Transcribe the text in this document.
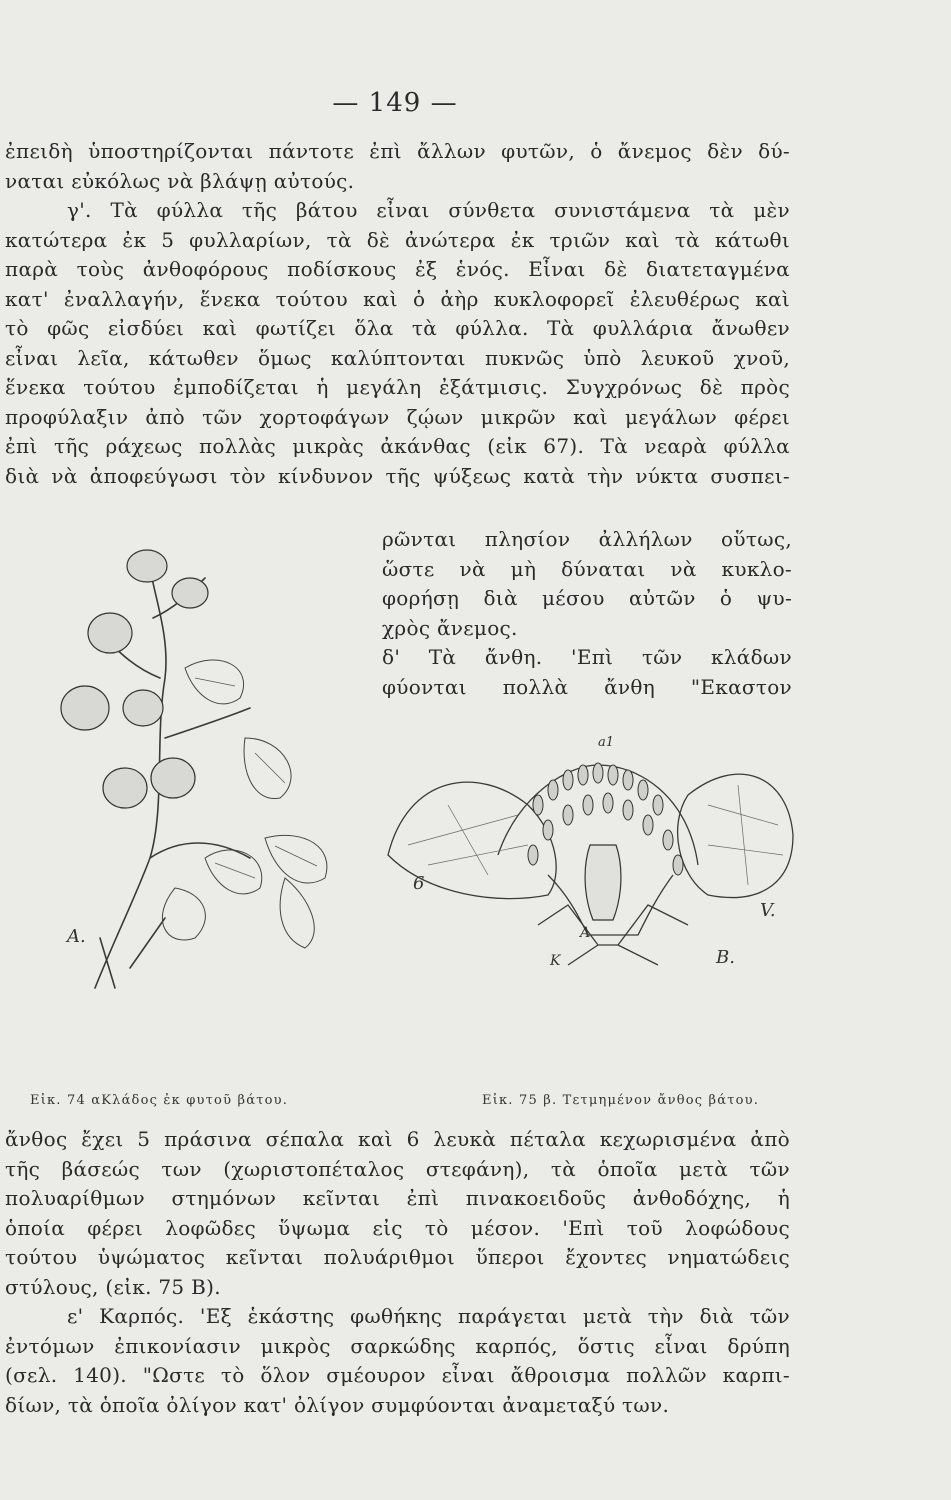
— 149 —
ἐπειδὴ ὑποστηρίζονται πάντοτε ἐπὶ ἄλλων φυτῶν, ὁ ἄνεμος δὲν δύ-
ναται εὐκόλως νὰ βλάψῃ αὐτούς.
γ'. Τὰ φύλλα τῆς βάτου εἶναι σύνθετα συνιστάμενα τὰ μὲν
κατώτερα ἐκ 5 φυλλαρίων, τὰ δὲ ἀνώτερα ἐκ τριῶν καὶ τὰ κάτωθι
παρὰ τοὺς ἀνθοφόρους ποδίσκους ἐξ ἑνός. Εἶναι δὲ διατεταγμένα
κατ' ἐναλλαγήν, ἕνεκα τούτου καὶ ὁ ἀὴρ κυκλοφορεῖ ἐλευθέρως καὶ
τὸ φῶς εἰσδύει καὶ φωτίζει ὅλα τὰ φύλλα. Τὰ φυλλάρια ἄνωθεν
εἶναι λεῖα, κάτωθεν ὅμως καλύπτονται πυκνῶς ὑπὸ λευκοῦ χνοῦ,
ἕνεκα τούτου ἐμποδίζεται ἡ μεγάλη ἐξάτμισις. Συγχρόνως δὲ πρὸς
προφύλαξιν ἀπὸ τῶν χορτοφάγων ζῴων μικρῶν καὶ μεγάλων φέρει
ἐπὶ τῆς ράχεως πολλὰς μικρὰς ἀκάνθας (εἰκ 67). Τὰ νεαρὰ φύλλα
διὰ νὰ ἀποφεύγωσι τὸν κίνδυνον τῆς ψύξεως κατὰ τὴν νύκτα συσπει-
ρῶνται πλησίον ἀλλήλων οὕτως,
ὥστε νὰ μὴ δύναται νὰ κυκλο-
φορήσῃ διὰ μέσου αὐτῶν ὁ ψυ-
χρὸς ἄνεμος.
δ' Τὰ ἄνθη. 'Επὶ τῶν κλάδων
φύονται πολλὰ ἄνθη "Εκαστον
A.
a1
6
A
K
V.
B.
Εἰκ. 74 αΚλάδος ἐκ φυτοῦ βάτου.	Εἰκ. 75 β. Τετμημένον ἄνθος βάτου.
ἄνθος ἔχει 5 πράσινα σέπαλα καὶ 6 λευκὰ πέταλα κεχωρισμένα ἀπὸ
τῆς βάσεώς των (χωριστοπέταλος στεφάνη), τὰ ὁποῖα μετὰ τῶν
πολυαρίθμων στημόνων κεῖνται ἐπὶ πινακοειδοῦς ἀνθοδόχης, ἡ
ὁποία φέρει λοφῶδες ὕψωμα εἰς τὸ μέσον. 'Επὶ τοῦ λοφώδους
τούτου ὑψώματος κεῖνται πολυάριθμοι ὕπεροι ἔχοντες νηματώδεις
στύλους, (εἰκ. 75 Β).
ε' Καρπός. 'Εξ ἑκάστης φωθήκης παράγεται μετὰ τὴν διὰ τῶν
ἐντόμων ἐπικονίασιν μικρὸς σαρκώδης καρπός, ὅστις εἶναι δρύπη
(σελ. 140). "Ωστε τὸ ὅλον σμέουρον εἶναι ἄθροισμα πολλῶν καρπι-
δίων, τὰ ὁποῖα ὀλίγον κατ' ὀλίγον συμφύονται ἀναμεταξύ των.
